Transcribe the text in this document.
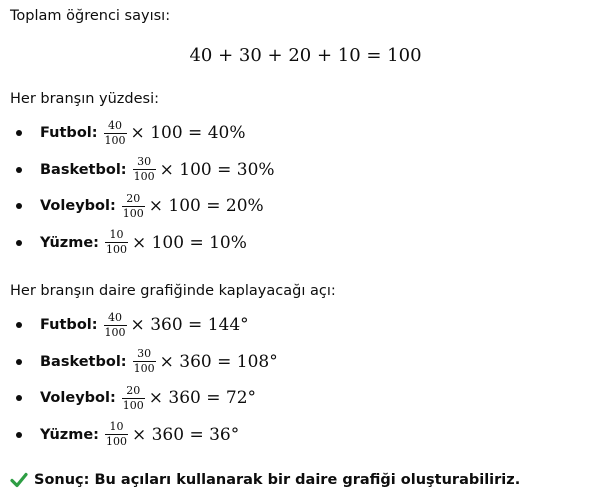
Toplam öğrenci sayısı:
40 + 30 + 20 + 10 = 100
Her branşın yüzdesi:
Futbol: $\frac{40}{100} \times 100 = 40\%$
Basketbol: $\frac{30}{100} \times 100 = 30\%$
Voleybol: $\frac{20}{100} \times 100 = 20\%$
Yüzme: $\frac{10}{100} \times 100 = 10\%$
Her branşın daire grafiğinde kaplayacağı açı:
Futbol: $\frac{40}{100} \times 360 = 144^\circ$
Basketbol: $\frac{30}{100} \times 360 = 108^\circ$
Voleybol: $\frac{20}{100} \times 360 = 72^\circ$
Yüzme: $\frac{10}{100} \times 360 = 36^\circ$
Sonuç: Bu açıları kullanarak bir daire grafiği oluşturabiliriz.
